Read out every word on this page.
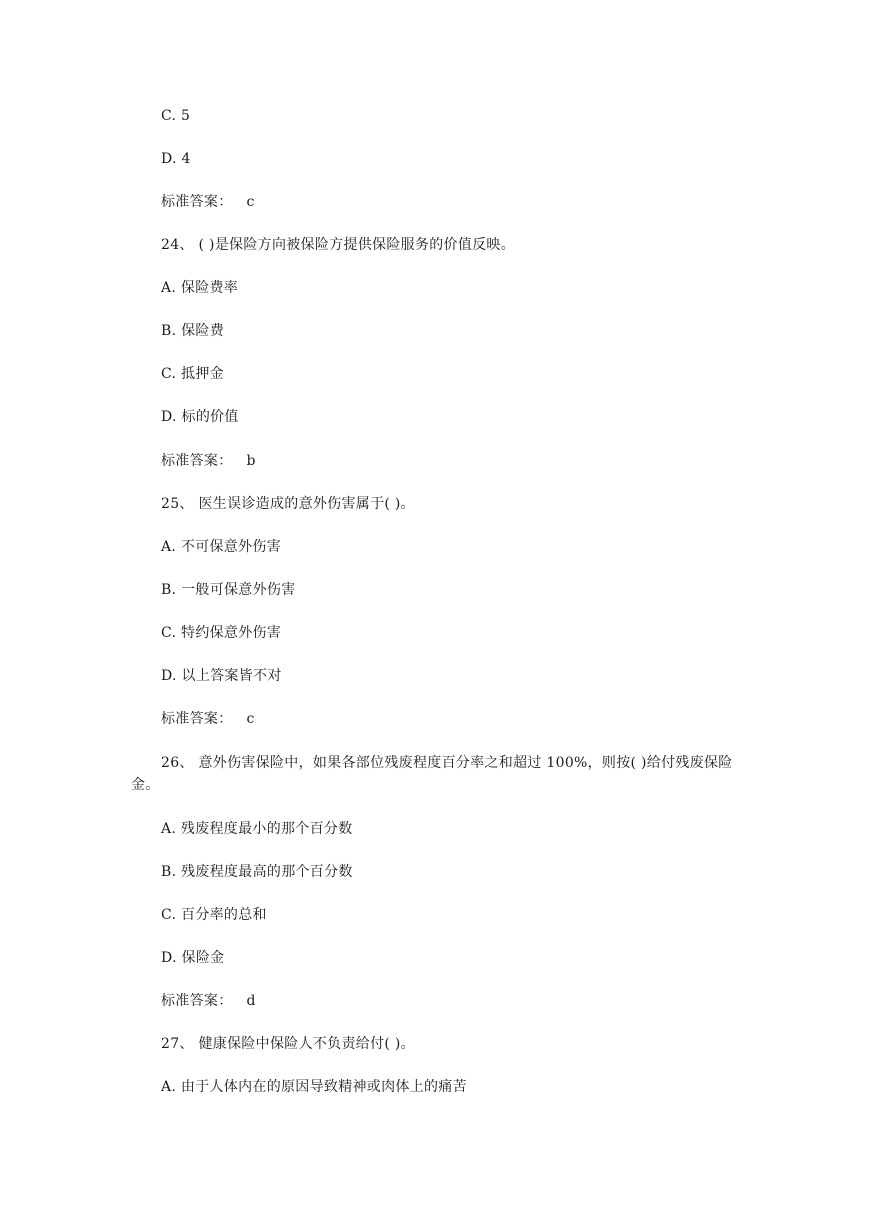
C. 5
D. 4
标准答案： c
24、 ( )是保险方向被保险方提供保险服务的价值反映。
A. 保险费率
B. 保险费
C. 抵押金
D. 标的价值
标准答案： b
25、 医生误诊造成的意外伤害属于( )。
A. 不可保意外伤害
B. 一般可保意外伤害
C. 特约保意外伤害
D. 以上答案皆不对
标准答案： c
26、 意外伤害保险中，如果各部位残废程度百分率之和超过 100%，则按( )给付残废保险金。
A. 残废程度最小的那个百分数
B. 残废程度最高的那个百分数
C. 百分率的总和
D. 保险金
标准答案： d
27、 健康保险中保险人不负责给付( )。
A. 由于人体内在的原因导致精神或肉体上的痛苦
